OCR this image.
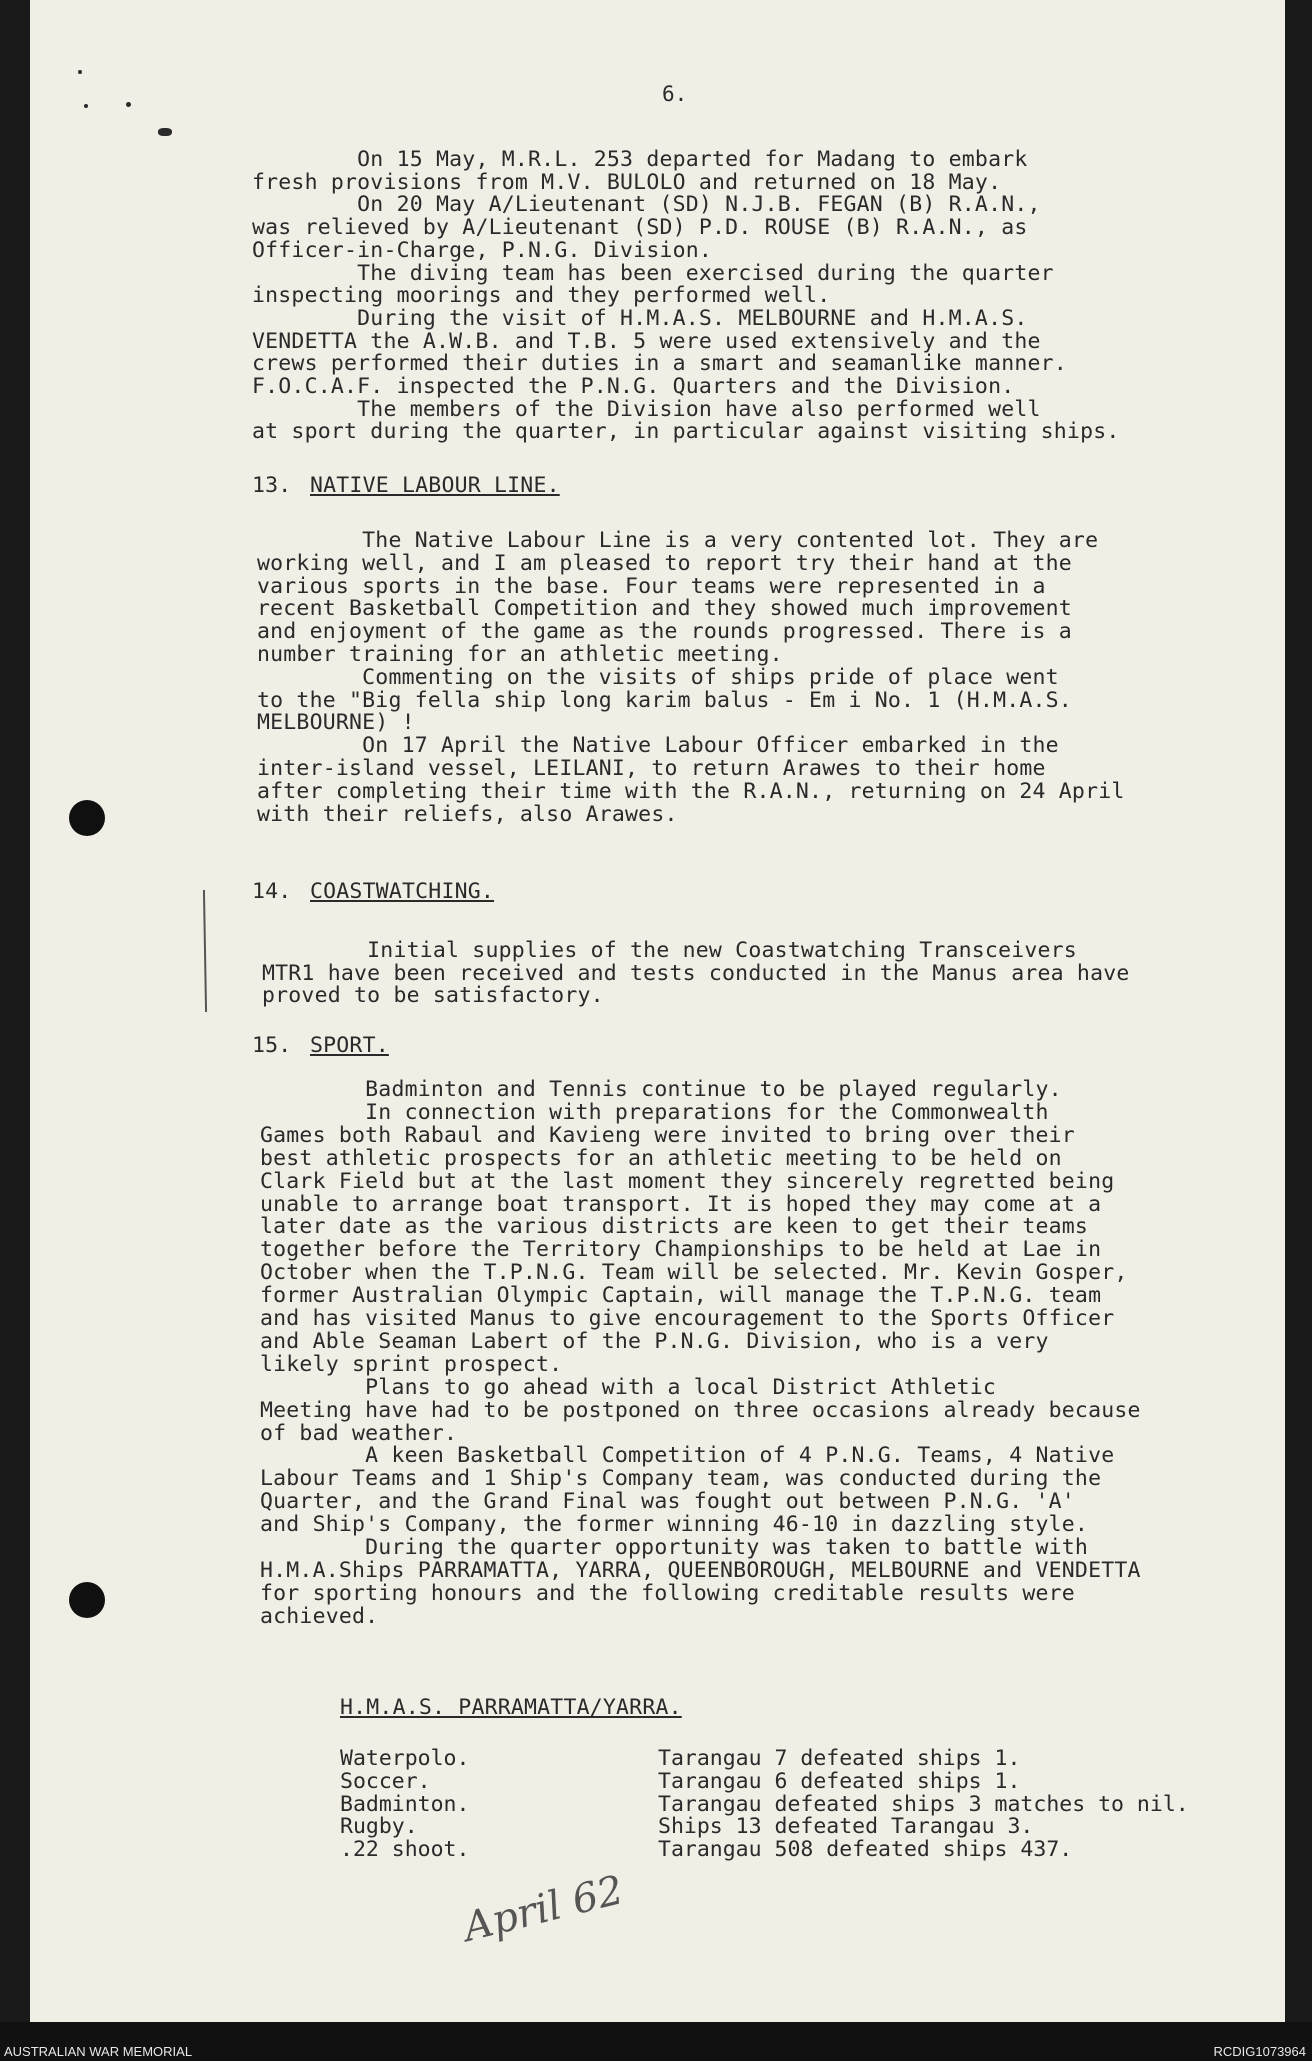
6.
On 15 May, M.R.L. 253 departed for Madang to embark
fresh provisions from M.V. BULOLO and returned on 18 May.
On 20 May A/Lieutenant (SD) N.J.B. FEGAN (B) R.A.N.,
was relieved by A/Lieutenant (SD) P.D. ROUSE (B) R.A.N., as
Officer-in-Charge, P.N.G. Division.
The diving team has been exercised during the quarter
inspecting moorings and they performed well.
During the visit of H.M.A.S. MELBOURNE and H.M.A.S.
VENDETTA the A.W.B. and T.B. 5 were used extensively and the
crews performed their duties in a smart and seamanlike manner.
F.O.C.A.F. inspected the P.N.G. Quarters and the Division.
The members of the Division have also performed well
at sport during the quarter, in particular against visiting ships.
13. NATIVE LABOUR LINE.
The Native Labour Line is a very contented lot. They are
working well, and I am pleased to report try their hand at the
various sports in the base. Four teams were represented in a
recent Basketball Competition and they showed much improvement
and enjoyment of the game as the rounds progressed. There is a
number training for an athletic meeting.
Commenting on the visits of ships pride of place went
to the "Big fella ship long karim balus - Em i No. 1 (H.M.A.S.
MELBOURNE) !
On 17 April the Native Labour Officer embarked in the
inter-island vessel, LEILANI, to return Arawes to their home
after completing their time with the R.A.N., returning on 24 April
with their reliefs, also Arawes.
14. COASTWATCHING.
Initial supplies of the new Coastwatching Transceivers
MTR1 have been received and tests conducted in the Manus area have
proved to be satisfactory.
15. SPORT.
Badminton and Tennis continue to be played regularly.
In connection with preparations for the Commonwealth
Games both Rabaul and Kavieng were invited to bring over their
best athletic prospects for an athletic meeting to be held on
Clark Field but at the last moment they sincerely regretted being
unable to arrange boat transport. It is hoped they may come at a
later date as the various districts are keen to get their teams
together before the Territory Championships to be held at Lae in
October when the T.P.N.G. Team will be selected. Mr. Kevin Gosper,
former Australian Olympic Captain, will manage the T.P.N.G. team
and has visited Manus to give encouragement to the Sports Officer
and Able Seaman Labert of the P.N.G. Division, who is a very
likely sprint prospect.
Plans to go ahead with a local District Athletic
Meeting have had to be postponed on three occasions already because
of bad weather.
A keen Basketball Competition of 4 P.N.G. Teams, 4 Native
Labour Teams and 1 Ship's Company team, was conducted during the
Quarter, and the Grand Final was fought out between P.N.G. 'A'
and Ship's Company, the former winning 46-10 in dazzling style.
During the quarter opportunity was taken to battle with
H.M.A.Ships PARRAMATTA, YARRA, QUEENBOROUGH, MELBOURNE and VENDETTA
for sporting honours and the following creditable results were
achieved.
H.M.A.S. PARRAMATTA/YARRA.
Waterpolo.	Tarangau 7 defeated ships 1.
Soccer.	Tarangau 6 defeated ships 1.
Badminton.	Tarangau defeated ships 3 matches to nil.
Rugby.	Ships 13 defeated Tarangau 3.
.22 shoot.	Tarangau 508 defeated ships 437.
April 62
AUSTRALIAN WAR MEMORIAL	RCDIG1073964
